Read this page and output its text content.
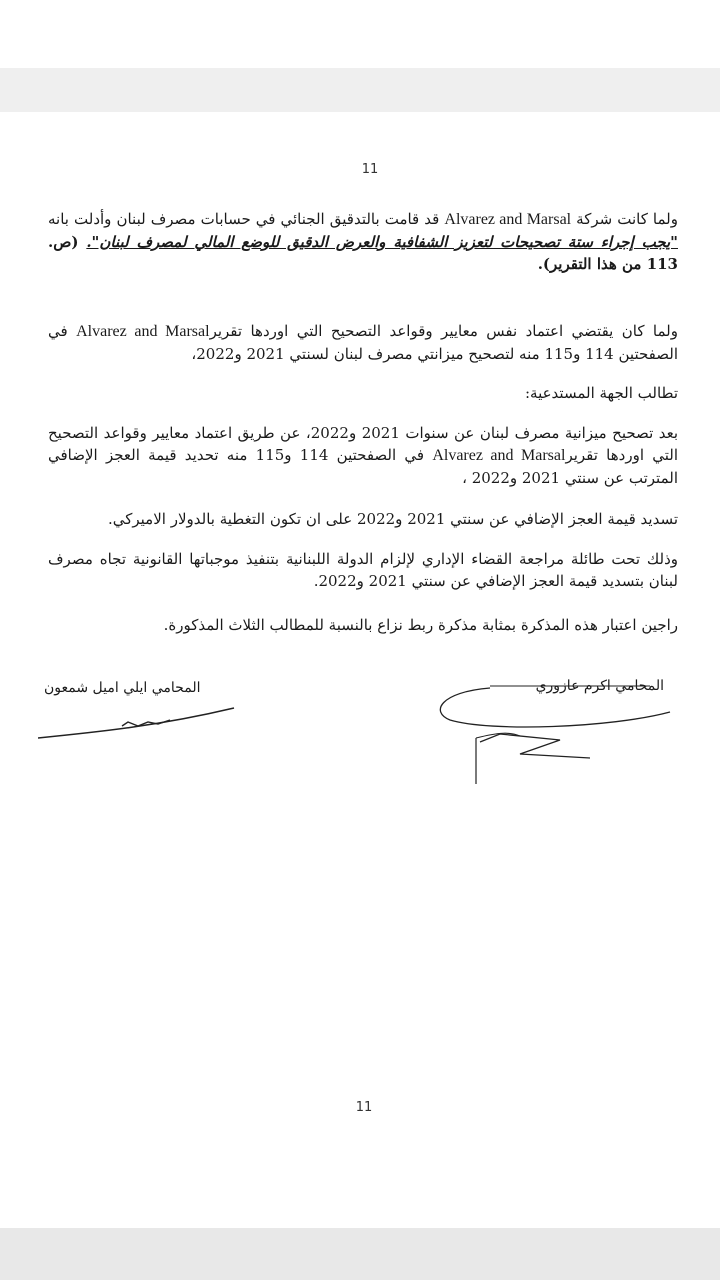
11
ولما كانت شركة Alvarez and Marsal قد قامت بالتدقيق الجنائي في حسابات مصرف لبنان وأدلت بانه "يجب إجراء ستة تصحيحات لتعزيز الشفافية والعرض الدقيق للوضع المالي لمصرف لبنان". (ص. 113 من هذا التقرير).
ولما كان يقتضي اعتماد نفس معايير وقواعد التصحيح التي اوردها تقريرAlvarez and Marsal في الصفحتين 114 و115 منه لتصحيح ميزانتي مصرف لبنان لسنتي 2021 و2022،
تطالب الجهة المستدعية:
بعد تصحيح ميزانية مصرف لبنان عن سنوات 2021 و2022، عن طريق اعتماد معايير وقواعد التصحيح التي اوردها تقريرAlvarez and Marsal في الصفحتين 114 و115 منه تحديد قيمة العجز الإضافي المترتب عن سنتي 2021 و2022 ،
تسديد قيمة العجز الإضافي عن سنتي 2021 و2022 على ان تكون التغطية بالدولار الاميركي.
وذلك تحت طائلة مراجعة القضاء الإداري لإلزام الدولة اللبنانية بتنفيذ موجباتها القانونية تجاه مصرف لبنان بتسديد قيمة العجز الإضافي عن سنتي 2021 و2022.
راجين اعتبار هذه المذكرة بمثابة مذكرة ربط نزاع بالنسبة للمطالب الثلاث المذكورة.
المحامي اكرم عازوري
المحامي ايلي اميل شمعون
11
